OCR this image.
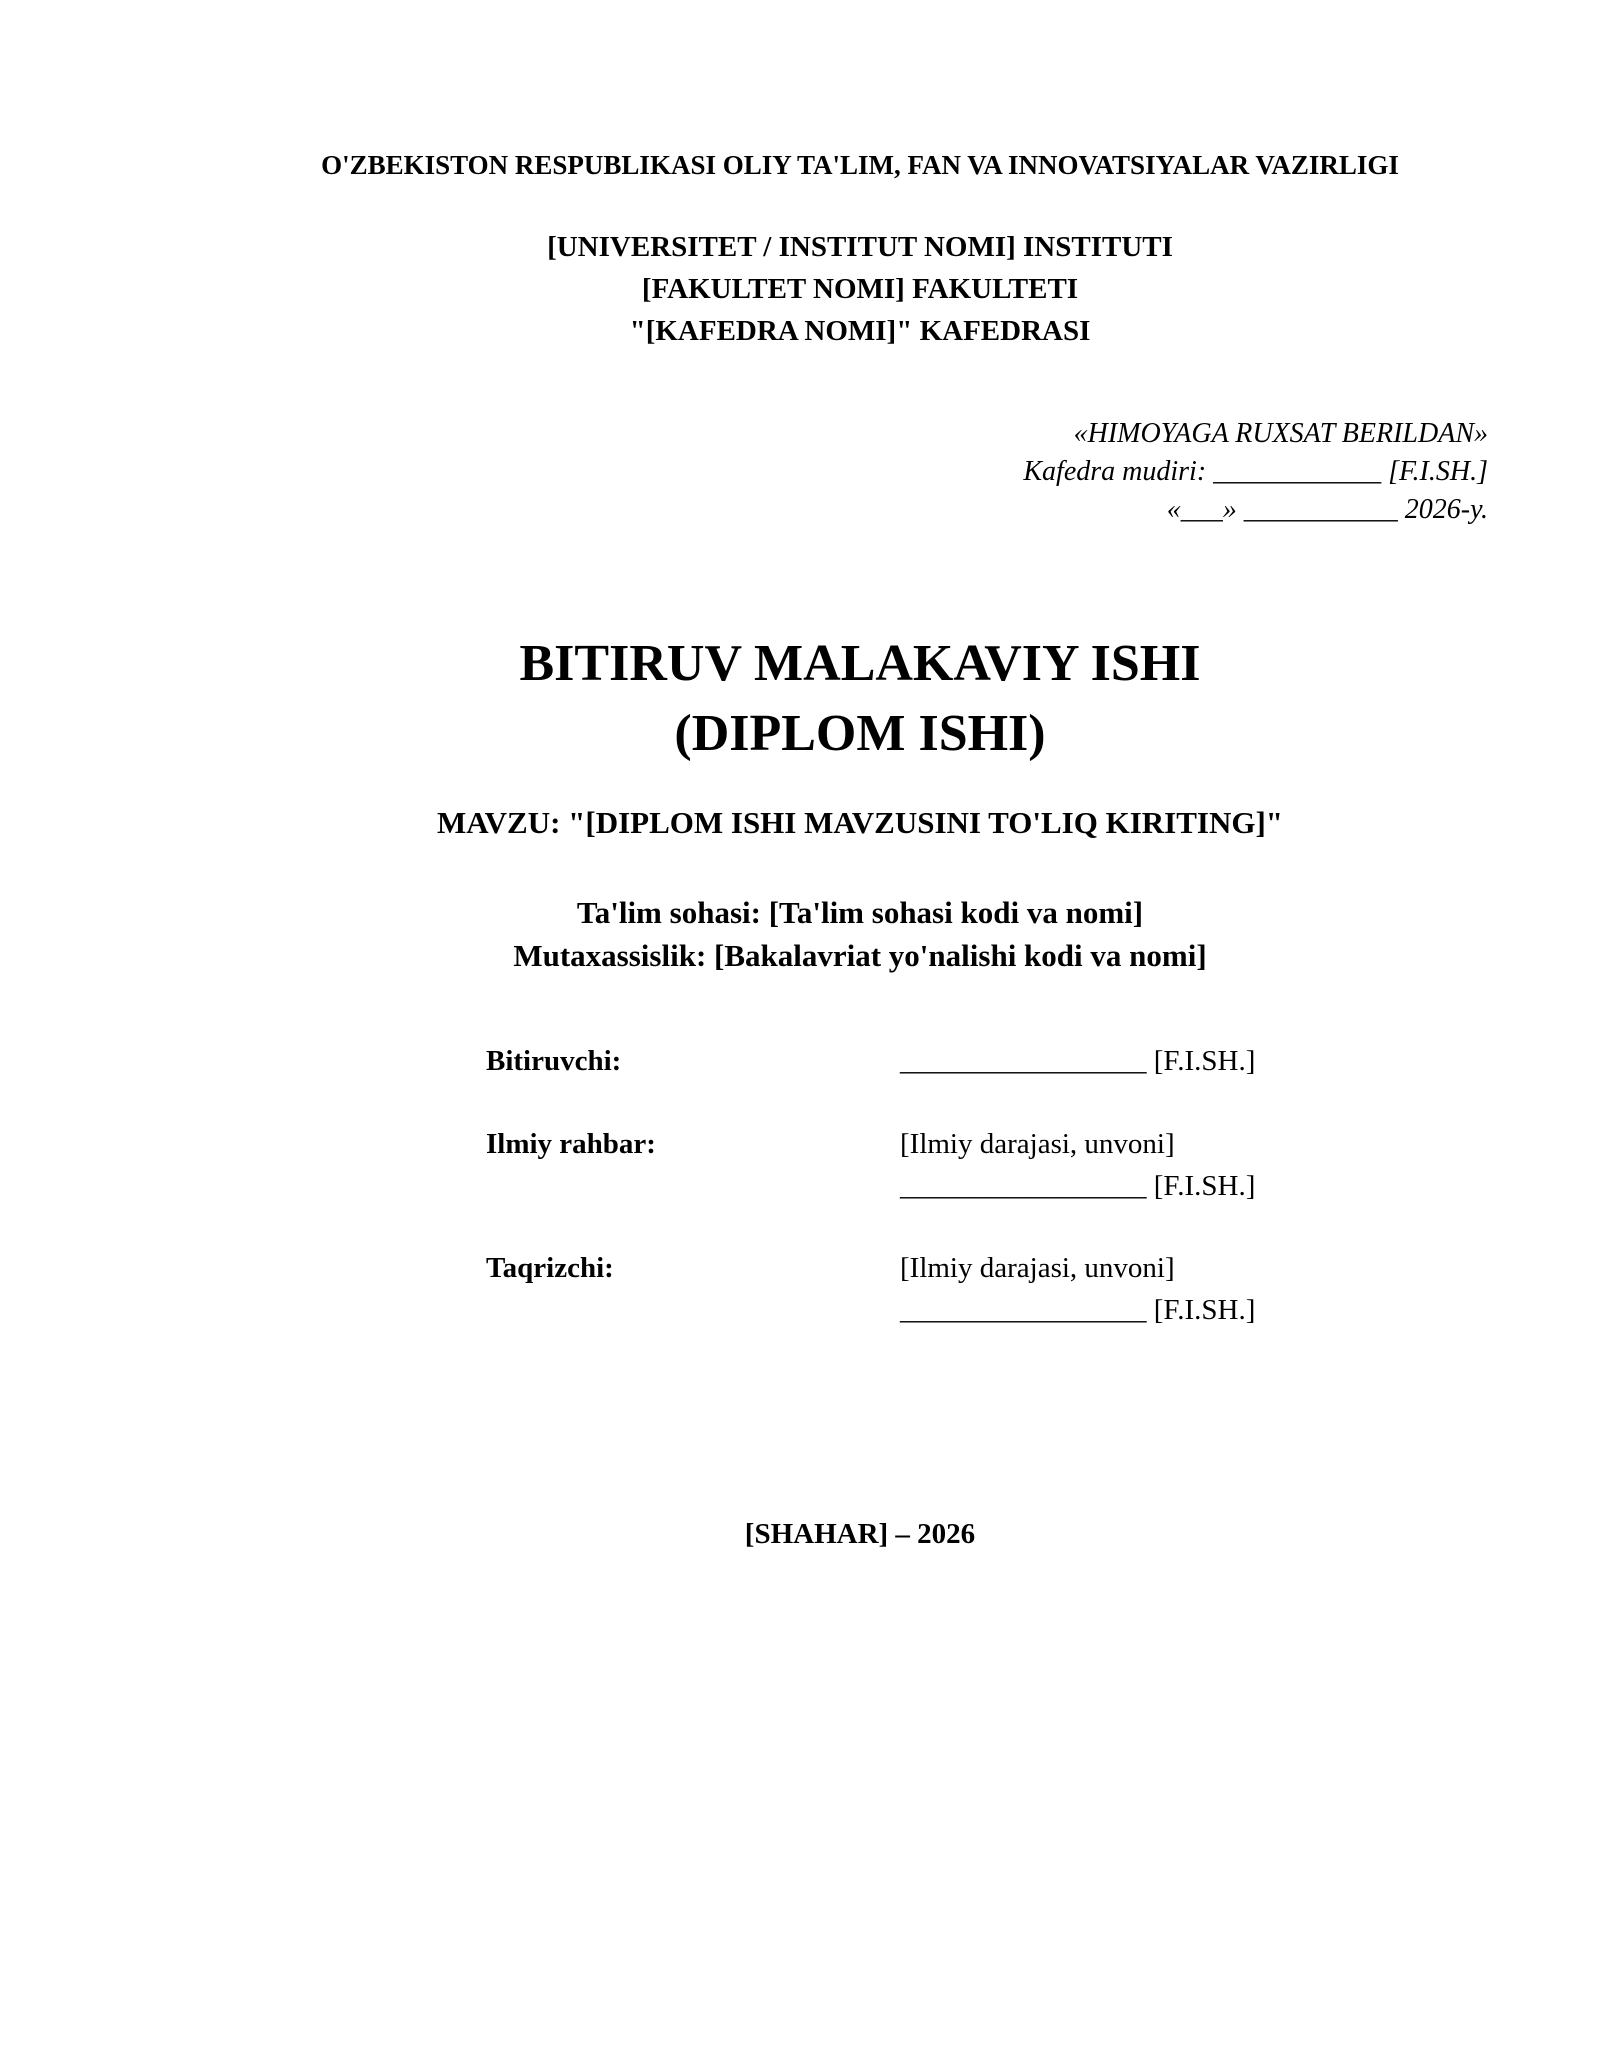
O'ZBEKISTON RESPUBLIKASI OLIY TA'LIM, FAN VA INNOVATSIYALAR VAZIRLIGI
[UNIVERSITET / INSTITUT NOMI] INSTITUTI
[FAKULTET NOMI] FAKULTETI
"[KAFEDRA NOMI]" KAFEDRASI
«HIMOYAGA RUXSAT BERILDAN»
Kafedra mudiri: ____________ [F.I.SH.]
«___» ___________ 2026-y.
BITIRUV MALAKAVIY ISHI
(DIPLOM ISHI)
MAVZU: "[DIPLOM ISHI MAVZUSINI TO'LIQ KIRITING]"
Ta'lim sohasi: [Ta'lim sohasi kodi va nomi]
Mutaxassislik: [Bakalavriat yo'nalishi kodi va nomi]
Bitiruvchi:	_________________ [F.I.SH.]
Ilmiy rahbar:	[Ilmiy darajasi, unvoni]
_________________ [F.I.SH.]
Taqrizchi:	[Ilmiy darajasi, unvoni]
_________________ [F.I.SH.]
[SHAHAR] – 2026
